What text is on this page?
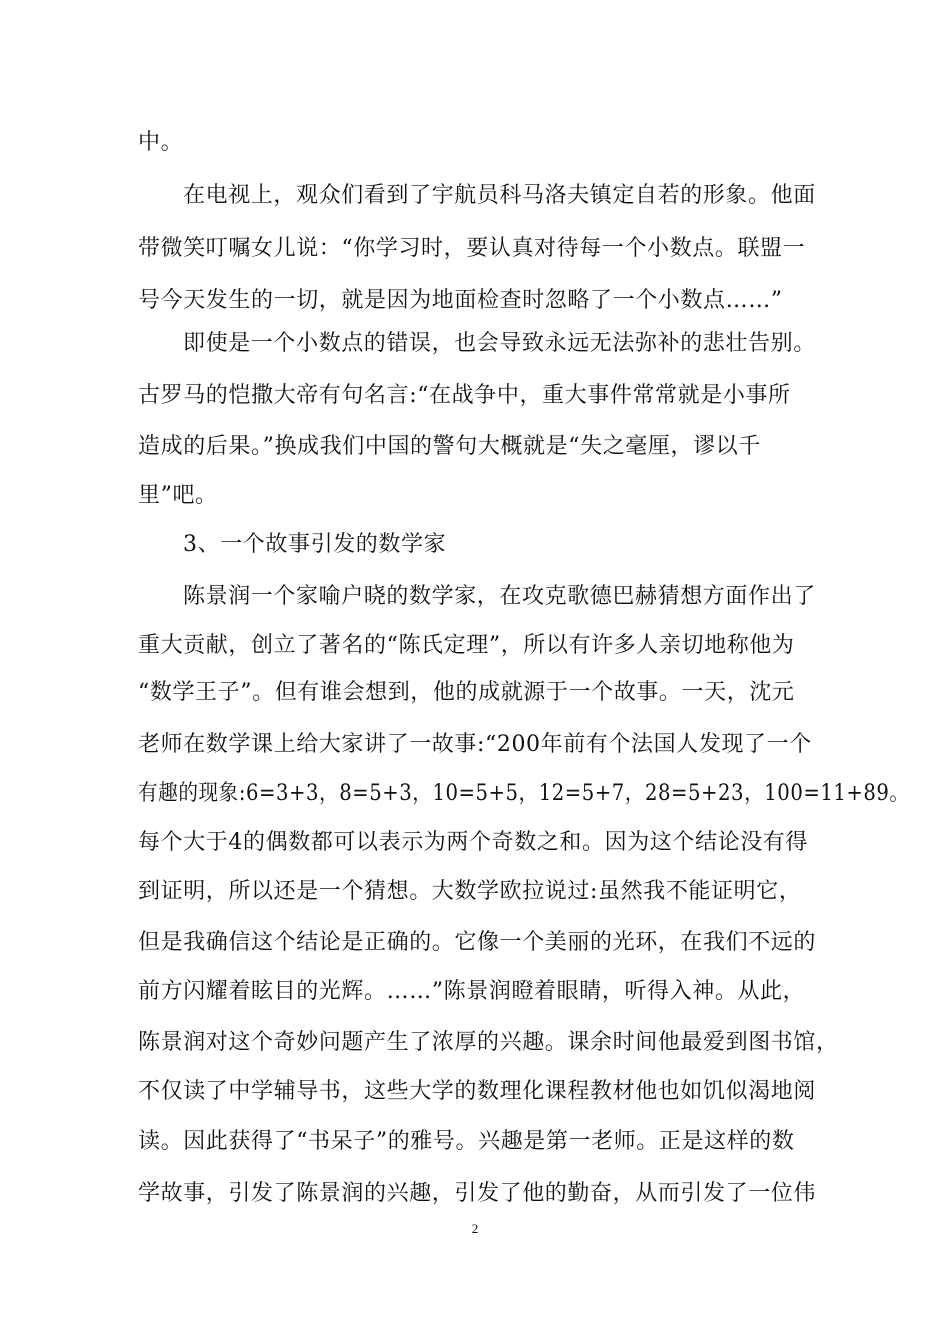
中。
在电视上，观众们看到了宇航员科马洛夫镇定自若的形象。他面
带微笑叮嘱女儿说：“你学习时，要认真对待每一个小数点。联盟一
号今天发生的一切，就是因为地面检查时忽略了一个小数点……”
即使是一个小数点的错误，也会导致永远无法弥补的悲壮告别。
古罗马的恺撒大帝有句名言:“在战争中，重大事件常常就是小事所
造成的后果。”换成我们中国的警句大概就是“失之毫厘，谬以千
里”吧。
3、一个故事引发的数学家
陈景润一个家喻户晓的数学家，在攻克歌德巴赫猜想方面作出了
重大贡献，创立了著名的“陈氏定理”，所以有许多人亲切地称他为
“数学王子”。但有谁会想到，他的成就源于一个故事。一天，沈元
老师在数学课上给大家讲了一故事:“200年前有个法国人发现了一个
有趣的现象:6=3+3，8=5+3，10=5+5，12=5+7，28=5+23，100=11+89。
每个大于4的偶数都可以表示为两个奇数之和。因为这个结论没有得
到证明，所以还是一个猜想。大数学欧拉说过:虽然我不能证明它，
但是我确信这个结论是正确的。它像一个美丽的光环，在我们不远的
前方闪耀着眩目的光辉。……”陈景润瞪着眼睛，听得入神。从此，
陈景润对这个奇妙问题产生了浓厚的兴趣。课余时间他最爱到图书馆，
不仅读了中学辅导书，这些大学的数理化课程教材他也如饥似渴地阅
读。因此获得了“书呆子”的雅号。兴趣是第一老师。正是这样的数
学故事，引发了陈景润的兴趣，引发了他的勤奋，从而引发了一位伟
2
